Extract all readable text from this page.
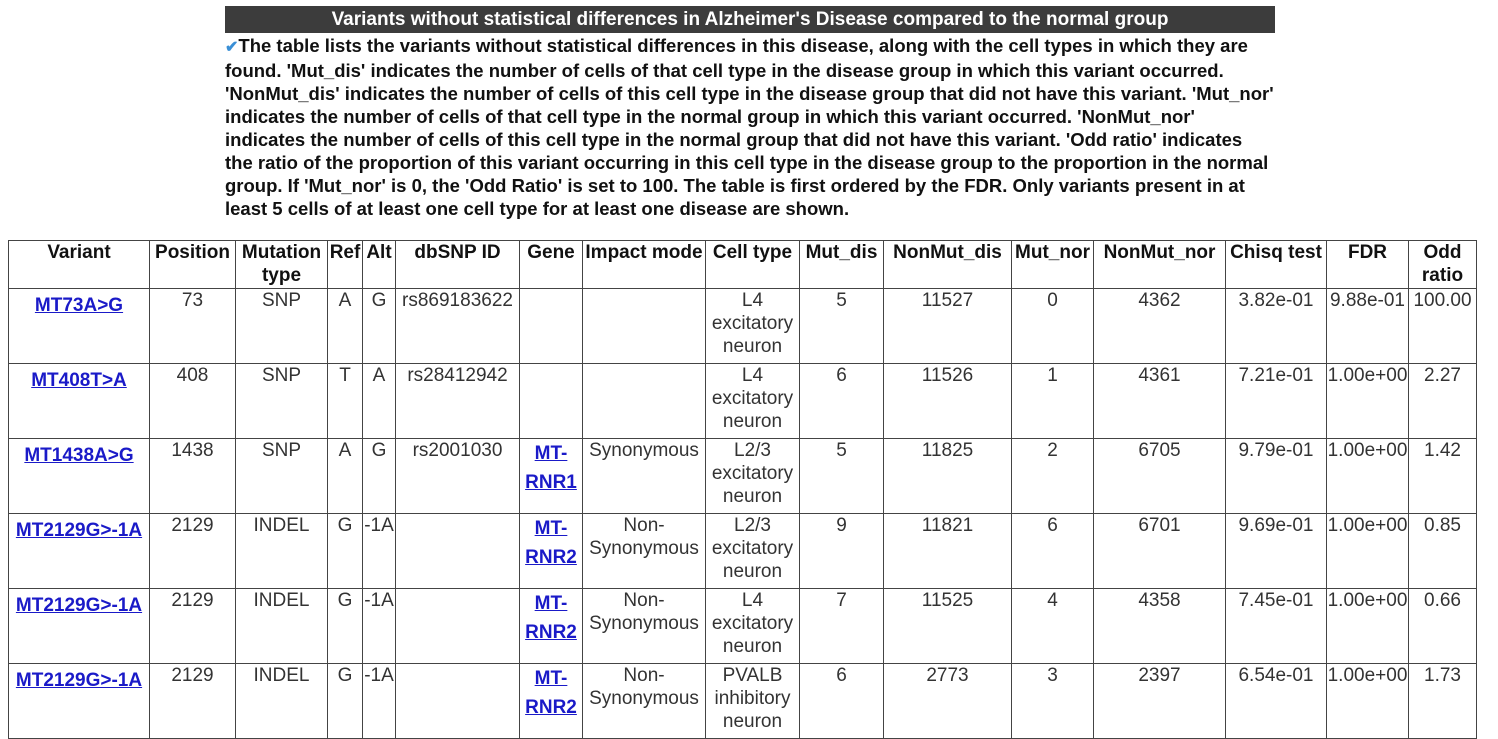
Variants without statistical differences in Alzheimer's Disease compared to the normal group
✔The table lists the variants without statistical differences in this disease, along with the cell types in which they are found. 'Mut_dis' indicates the number of cells of that cell type in the disease group in which this variant occurred. 'NonMut_dis' indicates the number of cells of this cell type in the disease group that did not have this variant. 'Mut_nor' indicates the number of cells of that cell type in the normal group in which this variant occurred. 'NonMut_nor' indicates the number of cells of this cell type in the normal group that did not have this variant. 'Odd ratio' indicates the ratio of the proportion of this variant occurring in this cell type in the disease group to the proportion in the normal group. If 'Mut_nor' is 0, the 'Odd Ratio' is set to 100. The table is first ordered by the FDR. Only variants present in at least 5 cells of at least one cell type for at least one disease are shown.
Variant	Position	Mutation type	Ref	Alt	dbSNP ID	Gene	Impact mode	Cell type	Mut_dis	NonMut_dis	Mut_nor	NonMut_nor	Chisq test	FDR	Odd ratio
MT73A>G	73	SNP	A	G	rs869183622			L4 excitatory neuron	5	11527	0	4362	3.82e-01	9.88e-01	100.00
MT408T>A	408	SNP	T	A	rs28412942			L4 excitatory neuron	6	11526	1	4361	7.21e-01	1.00e+00	2.27
MT1438A>G	1438	SNP	A	G	rs2001030	MT-RNR1	Synonymous	L2/3 excitatory neuron	5	11825	2	6705	9.79e-01	1.00e+00	1.42
MT2129G>-1A	2129	INDEL	G	-1A		MT-RNR2	Non-Synonymous	L2/3 excitatory neuron	9	11821	6	6701	9.69e-01	1.00e+00	0.85
MT2129G>-1A	2129	INDEL	G	-1A		MT-RNR2	Non-Synonymous	L4 excitatory neuron	7	11525	4	4358	7.45e-01	1.00e+00	0.66
MT2129G>-1A	2129	INDEL	G	-1A		MT-RNR2	Non-Synonymous	PVALB inhibitory neuron	6	2773	3	2397	6.54e-01	1.00e+00	1.73
